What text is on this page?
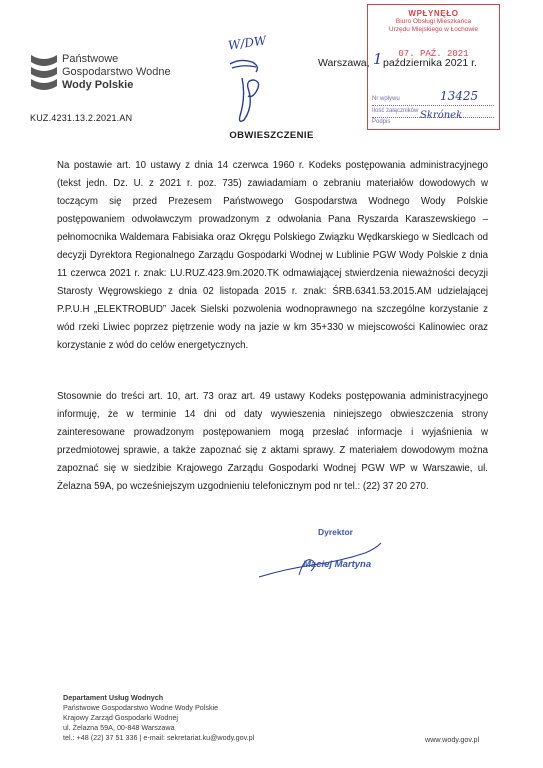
Państwowe
Gospodarstwo Wodne
Wody Polskie
W/DW
Warszawa, 1 października 2021 r.
WPŁYNĘŁO
Biuro Obsługi Mieszkańca
Urzędu Miejskiego w Łochowie
07. PAŹ. 2021
Nr wpływu
Ilość załączników
Podpis
13425
Skrónek
KUZ.4231.13.2.2021.AN
OBWIESZCZENIE
Na postawie art. 10 ustawy z dnia 14 czerwca 1960 r. Kodeks postępowania administracyjnego (tekst jedn. Dz. U. z 2021 r. poz. 735) zawiadamiam o zebraniu materiałów dowodowych w toczącym się przed Prezesem Państwowego Gospodarstwa Wodnego Wody Polskie postępowaniem odwoławczym prowadzonym z odwołania Pana Ryszarda Karaszewskiego – pełnomocnika Waldemara Fabisiaka oraz Okręgu Polskiego Związku Wędkarskiego w Siedlcach od decyzji Dyrektora Regionalnego Zarządu Gospodarki Wodnej w Lublinie PGW Wody Polskie z dnia 11 czerwca 2021 r. znak: LU.RUZ.423.9m.2020.TK odmawiającej stwierdzenia nieważności decyzji Starosty Węgrowskiego z dnia 02 listopada 2015 r. znak: ŚRB.6341.53.2015.AM udzielającej P.P.U.H „ELEKTROBUD” Jacek Sielski pozwolenia wodnoprawnego na szczególne korzystanie z wód rzeki Liwiec poprzez piętrzenie wody na jazie w km 35+330 w miejscowości Kalinowiec oraz korzystanie z wód do celów energetycznych.
Stosownie do treści art. 10, art. 73 oraz art. 49 ustawy Kodeks postępowania administracyjnego informuję, że w terminie 14 dni od daty wywieszenia niniejszego obwieszczenia strony zainteresowane prowadzonym postępowaniem mogą przesłać informacje i wyjaśnienia w przedmiotowej sprawie, a także zapoznać się z aktami sprawy. Z materiałem dowodowym można zapoznać się w siedzibie Krajowego Zarządu Gospodarki Wodnej PGW WP w Warszawie, ul. Żelazna 59A, po wcześniejszym uzgodnieniu telefonicznym pod nr tel.: (22) 37 20 270.
Dyrektor
Maciej Martyna
Departament Usług Wodnych
Państwowe Gospodarstwo Wodne Wody Polskie
Krajowy Zarząd Gospodarki Wodnej
ul. Żelazna 59A, 00-848 Warszawa
tel.: +48 (22) 37 51 336 | e-mail: sekretariat.ku@wody.gov.pl	www.wody.gov.pl
